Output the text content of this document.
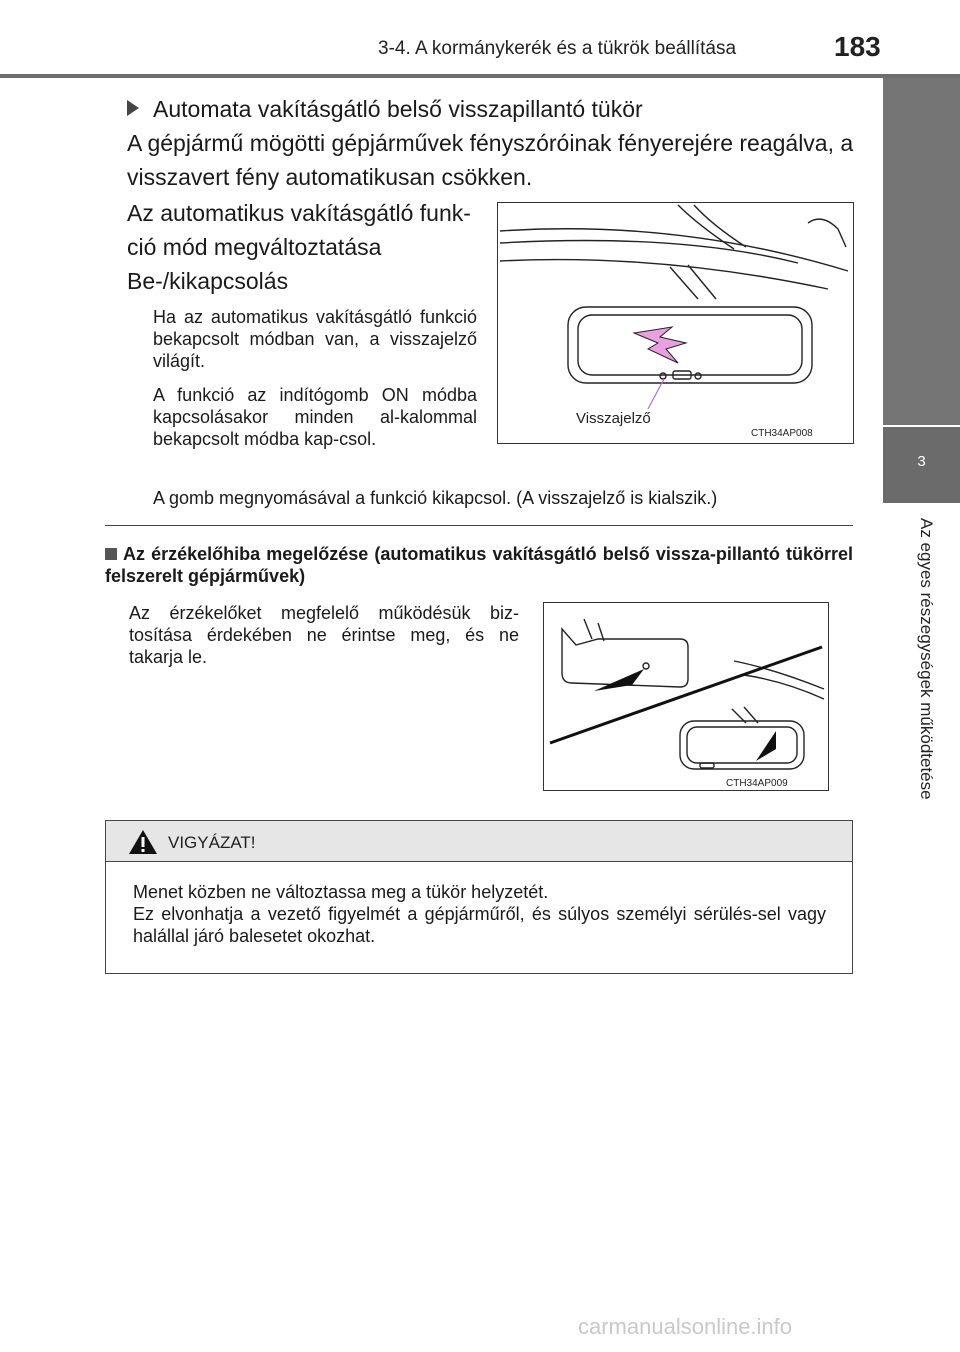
3-4. A kormánykerék és a tükrök beállítása	183
3
Az egyes részegységek működtetése
Automata vakításgátló belső visszapillantó tükör
A gépjármű mögötti gépjárművek fényszóróinak fényerejére reagálva, a visszavert fény automatikusan csökken.
Az automatikus vakításgátló funk-ció mód megváltoztatása
Be-/kikapcsolás
Ha az automatikus vakításgátló funkció bekapcsolt módban van, a visszajelző világít.
A funkció az indítógomb ON módba kapcsolásakor minden al-kalommal bekapcsolt módba kap-csol.
A gomb megnyomásával a funkció kikapcsol. (A visszajelző is kialszik.)
Visszajelző
CTH34AP008
Az érzékelőhiba megelőzése (automatikus vakításgátló belső vissza-pillantó tükörrel felszerelt gépjárművek)
Az érzékelőket megfelelő működésük biz-tosítása érdekében ne érintse meg, és ne takarja le.
CTH34AP009
VIGYÁZAT!
Menet közben ne változtassa meg a tükör helyzetét.
Ez elvonhatja a vezető figyelmét a gépjárműről, és súlyos személyi sérülés-sel vagy halállal járó balesetet okozhat.
carmanualsonline.info
